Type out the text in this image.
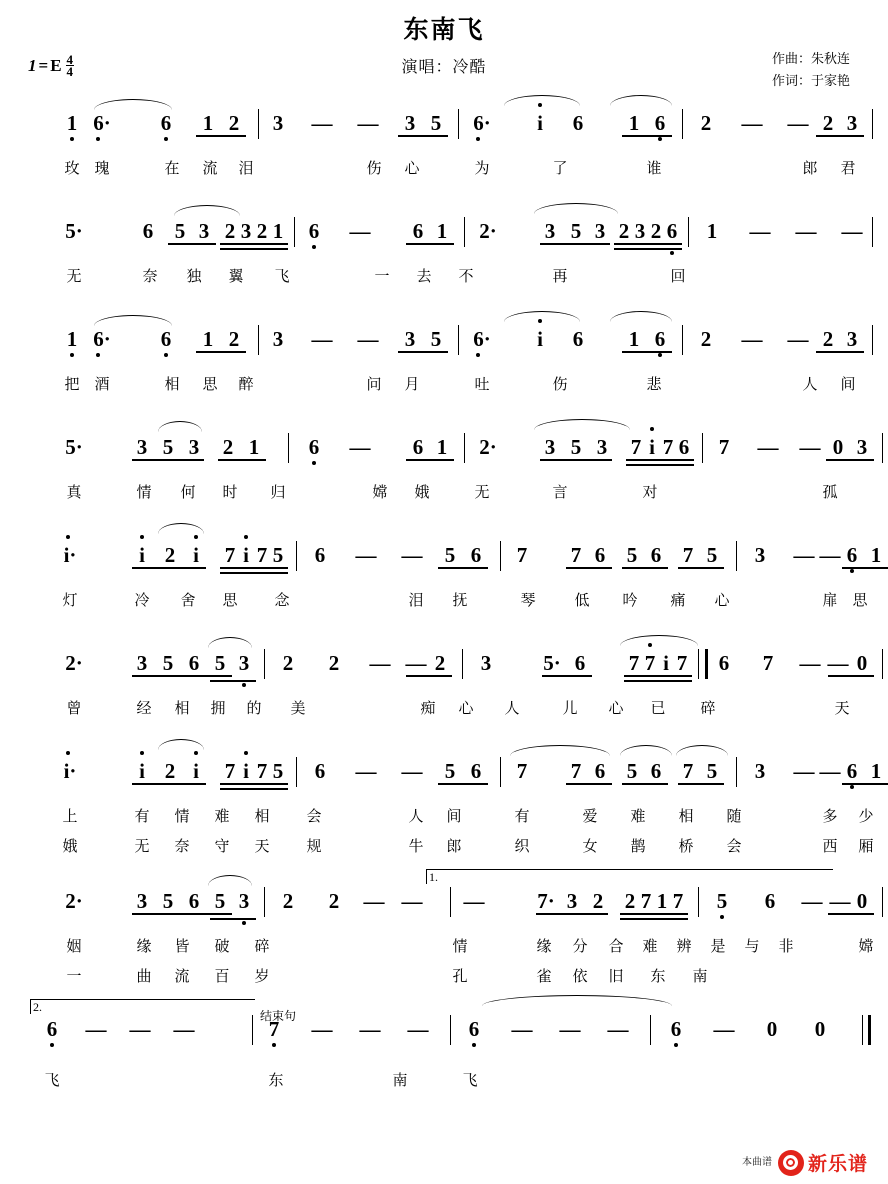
1 = E $\frac{4}{4}$
东南飞
演唱：冷酷
作曲：朱秋连
作词：于家艳
1 6· 6 1 2 3 — — 3 5 6· i 6 1 6 2 — — 2 3
玫 瑰	在 流 泪	伤 心	为	了	谁	郎 君
5·	6 5 3 2 3 2 1 6 — 6 1 2· 3 5 3 2 3 2 6 1 — — —
无	奈 独 翼 飞	一 去 不	再	回
1 6· 6 1 2 3 — — 3 5 6· i 6 1 6 2 — — 2 3
把 酒	相 思 醉	问 月	吐	伤	悲	人 间
5·	3 5 3 2 1 6 — 6 1 2· 3 5 3 7 i 7 6 7 — — 0 3
真	情 何 时 归	嫦 娥	无	言	对	孤
i·	i 2 i 7 i 7 5 6 — — 5 6 7 7 6 5 6 7 5 3 — — 6 1
灯	冷 舍 思 念	泪 抚	琴	低 吟 痛 心	扉 思
2·	3 5 6 5 3 2 2 — — 2 3 5· 6 7 7 i 7 6 7 — — 0
曾	经 相 拥 的 美	痴 心 人	儿 心 已 碎	天
i·	i 2 i 7 i 7 5 6 — — 5 6 7 7 6 5 6 7 5 3 — — 6 1
上	有 情 难 相 会	人 间	有	爱 难 相 随	多 少
娥	无 奈 守 天 规	牛 郎	织	女 鹊 桥 会	西 厢
1.
2·	3 5 6 5 3 2 2 — — —	7· 3 2 2 7 1 7 5 6 — — 0
姻	缘 皆 破 碎	情	缘 分 合 难 辨 是 与 非	嫦
一	曲 流 百 岁	孔	雀 依 旧 东 南
2.
结束句
6 — — —	7 — — — 6 — — — 6 — 0 0
飞	东	南	飞
本曲谱 新乐谱
